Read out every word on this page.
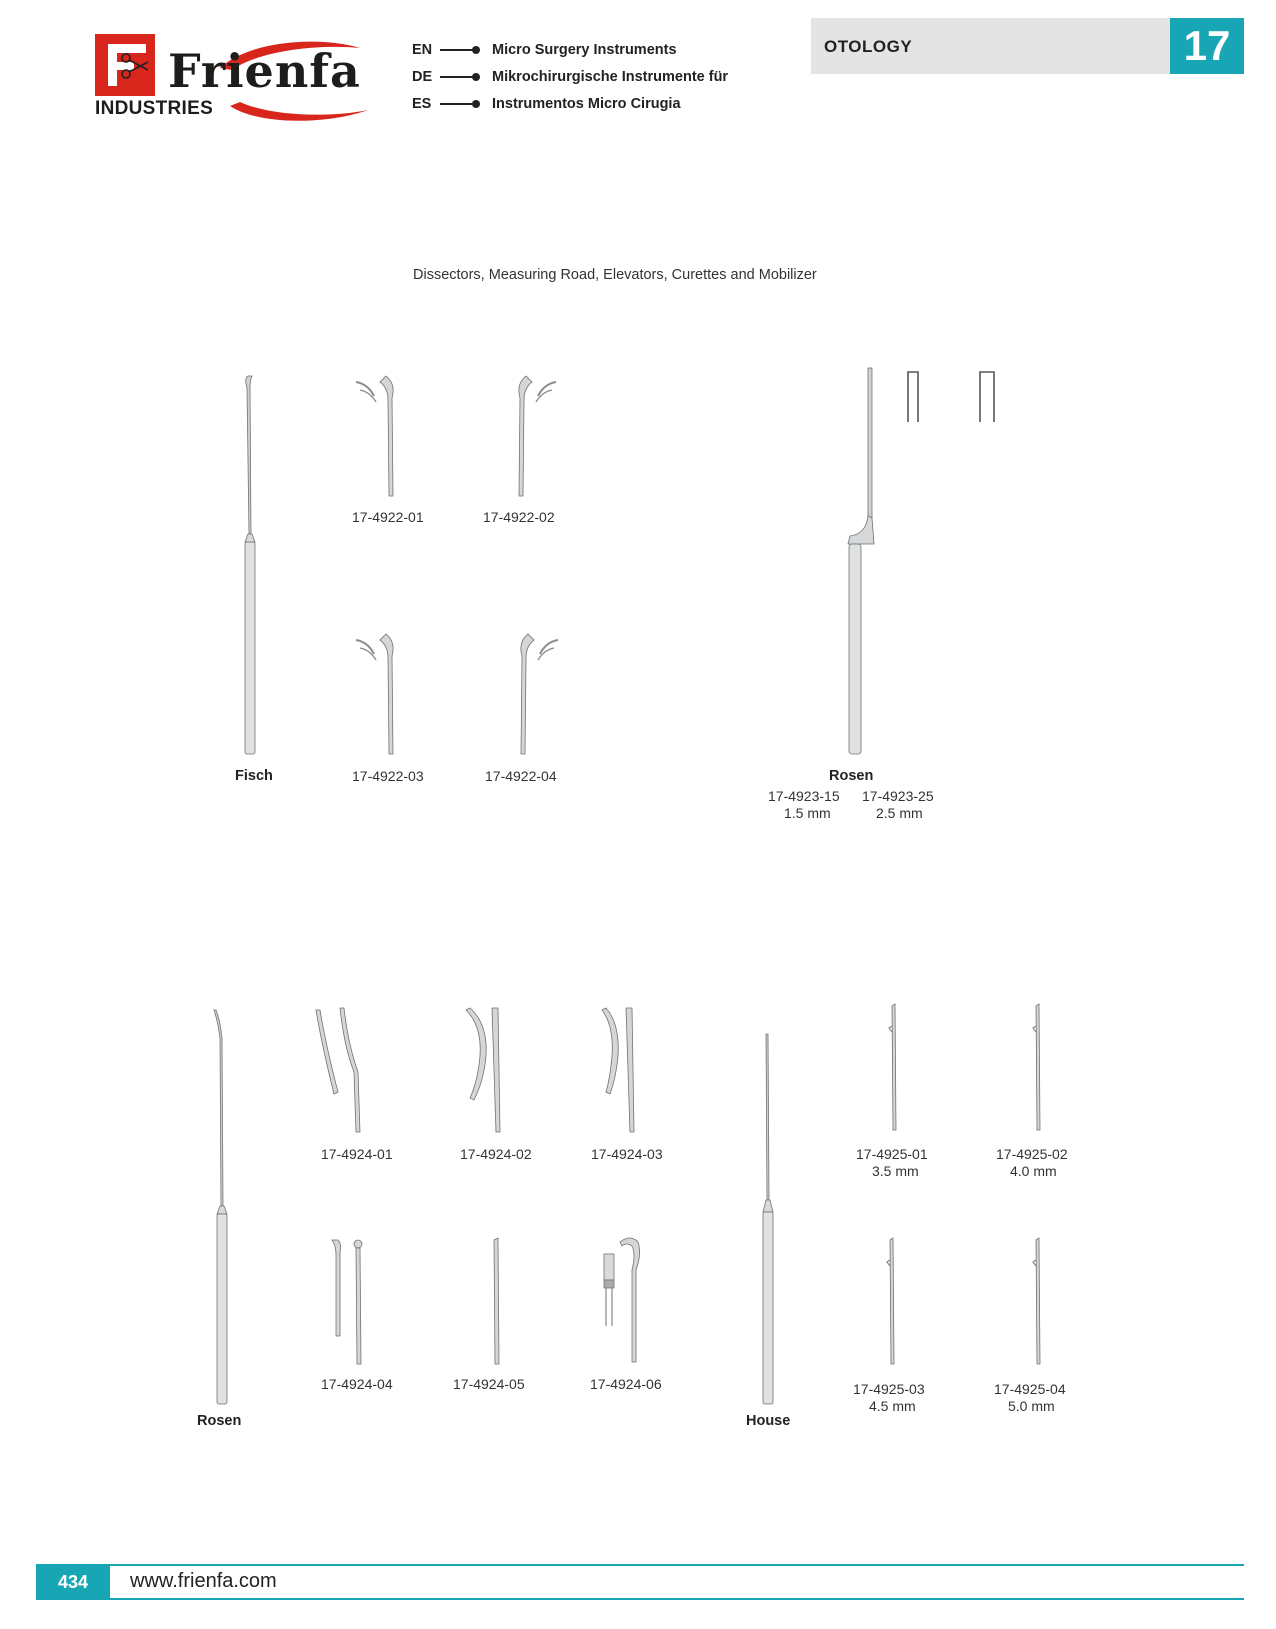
Frienfa
INDUSTRIES
EN	Micro Surgery Instruments
DE	Mikrochirurgische Instrumente für
ES	Instrumentos Micro Cirugia
OTOLOGY	17
Dissectors, Measuring Road, Elevators, Curettes and Mobilizer
Fisch
17-4922-01	17-4922-02
17-4922-03	17-4922-04	Rosen
17-4923-15
1.5 mm
17-4923-25
2.5 mm
Rosen
17-4924-01	17-4924-02	17-4924-03
17-4924-04	17-4924-05	17-4924-06
House
17-4925-01
3.5 mm
17-4925-02
4.0 mm
17-4925-03
4.5 mm
17-4925-04
5.0 mm
434	www.frienfa.com
